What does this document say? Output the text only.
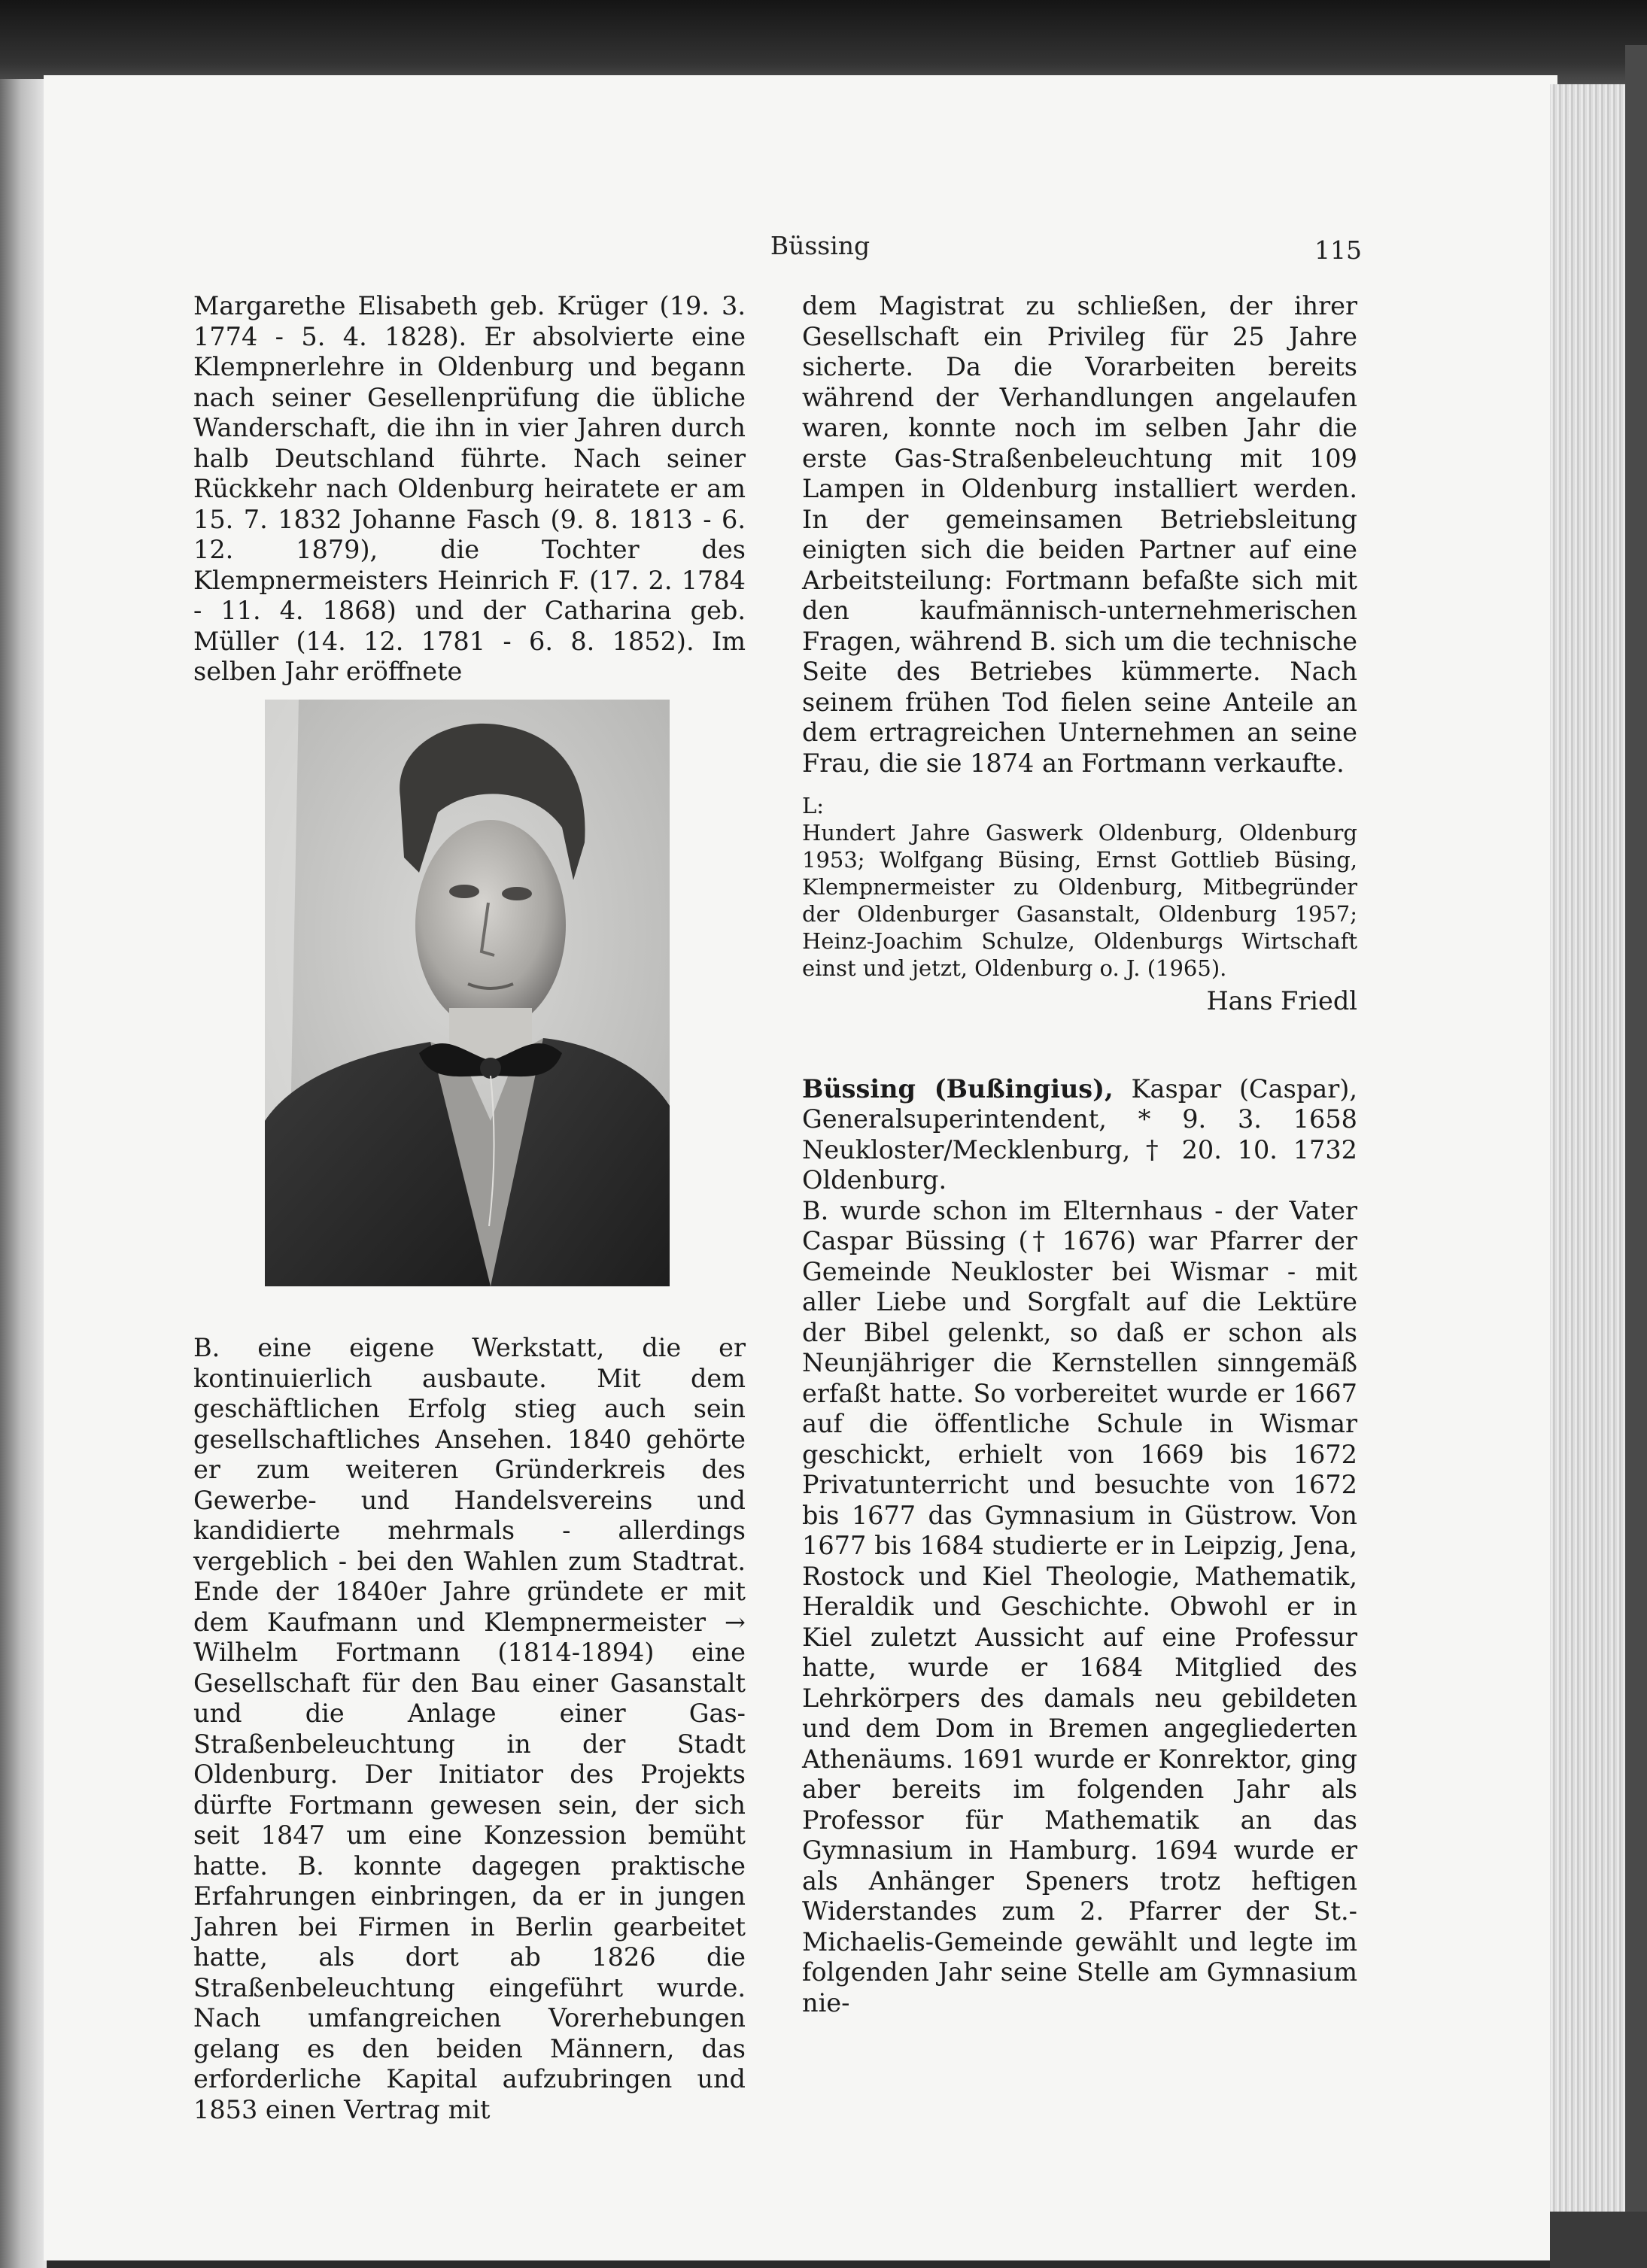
Büssing	115

Margarethe Elisabeth geb. Krüger (19. 3. 1774 - 5. 4. 1828). Er absolvierte eine Klempnerlehre in Oldenburg und begann nach seiner Gesellenprüfung die übliche Wanderschaft, die ihn in vier Jahren durch halb Deutschland führte. Nach seiner Rückkehr nach Oldenburg heiratete er am 15. 7. 1832 Johanne Fasch (9. 8. 1813 - 6. 12. 1879), die Tochter des Klempnermeisters Heinrich F. (17. 2. 1784 - 11. 4. 1868) und der Catharina geb. Müller (14. 12. 1781 - 6. 8. 1852). Im selben Jahr eröffnete

B. eine eigene Werkstatt, die er kontinuierlich ausbaute. Mit dem geschäftlichen Erfolg stieg auch sein gesellschaftliches Ansehen. 1840 gehörte er zum weiteren Gründerkreis des Gewerbe- und Handelsvereins und kandidierte mehrmals - allerdings vergeblich - bei den Wahlen zum Stadtrat. Ende der 1840er Jahre gründete er mit dem Kaufmann und Klempnermeister → Wilhelm Fortmann (1814-1894) eine Gesellschaft für den Bau einer Gasanstalt und die Anlage einer Gas-Straßenbeleuchtung in der Stadt Oldenburg. Der Initiator des Projekts dürfte Fortmann gewesen sein, der sich seit 1847 um eine Konzession bemüht hatte. B. konnte dagegen praktische Erfahrungen einbringen, da er in jungen Jahren bei Firmen in Berlin gearbeitet hatte, als dort ab 1826 die Straßenbeleuchtung eingeführt wurde. Nach umfangreichen Vorerhebungen gelang es den beiden Männern, das erforderliche Kapital aufzubringen und 1853 einen Vertrag mit

dem Magistrat zu schließen, der ihrer Gesellschaft ein Privileg für 25 Jahre sicherte. Da die Vorarbeiten bereits während der Verhandlungen angelaufen waren, konnte noch im selben Jahr die erste Gas-Straßenbeleuchtung mit 109 Lampen in Oldenburg installiert werden. In der gemeinsamen Betriebsleitung einigten sich die beiden Partner auf eine Arbeitsteilung: Fortmann befaßte sich mit den kaufmännisch-unternehmerischen Fragen, während B. sich um die technische Seite des Betriebes kümmerte. Nach seinem frühen Tod fielen seine Anteile an dem ertragreichen Unternehmen an seine Frau, die sie 1874 an Fortmann verkaufte.

L:

Hundert Jahre Gaswerk Oldenburg, Oldenburg 1953; Wolfgang Büsing, Ernst Gottlieb Büsing, Klempnermeister zu Oldenburg, Mitbegründer der Oldenburger Gasanstalt, Oldenburg 1957; Heinz-Joachim Schulze, Oldenburgs Wirtschaft einst und jetzt, Oldenburg o. J. (1965).

Hans Friedl

Büssing (Bußingius), Kaspar (Caspar), Generalsuperintendent, * 9. 3. 1658 Neukloster/Mecklenburg, † 20. 10. 1732 Oldenburg.

B. wurde schon im Elternhaus - der Vater Caspar Büssing († 1676) war Pfarrer der Gemeinde Neukloster bei Wismar - mit aller Liebe und Sorgfalt auf die Lektüre der Bibel gelenkt, so daß er schon als Neunjähriger die Kernstellen sinngemäß erfaßt hatte. So vorbereitet wurde er 1667 auf die öffentliche Schule in Wismar geschickt, erhielt von 1669 bis 1672 Privatunterricht und besuchte von 1672 bis 1677 das Gymnasium in Güstrow. Von 1677 bis 1684 studierte er in Leipzig, Jena, Rostock und Kiel Theologie, Mathematik, Heraldik und Geschichte. Obwohl er in Kiel zuletzt Aussicht auf eine Professur hatte, wurde er 1684 Mitglied des Lehrkörpers des damals neu gebildeten und dem Dom in Bremen angegliederten Athenäums. 1691 wurde er Konrektor, ging aber bereits im folgenden Jahr als Professor für Mathematik an das Gymnasium in Hamburg. 1694 wurde er als Anhänger Speners trotz heftigen Widerstandes zum 2. Pfarrer der St.-Michaelis-Gemeinde gewählt und legte im folgenden Jahr seine Stelle am Gymnasium nie-
